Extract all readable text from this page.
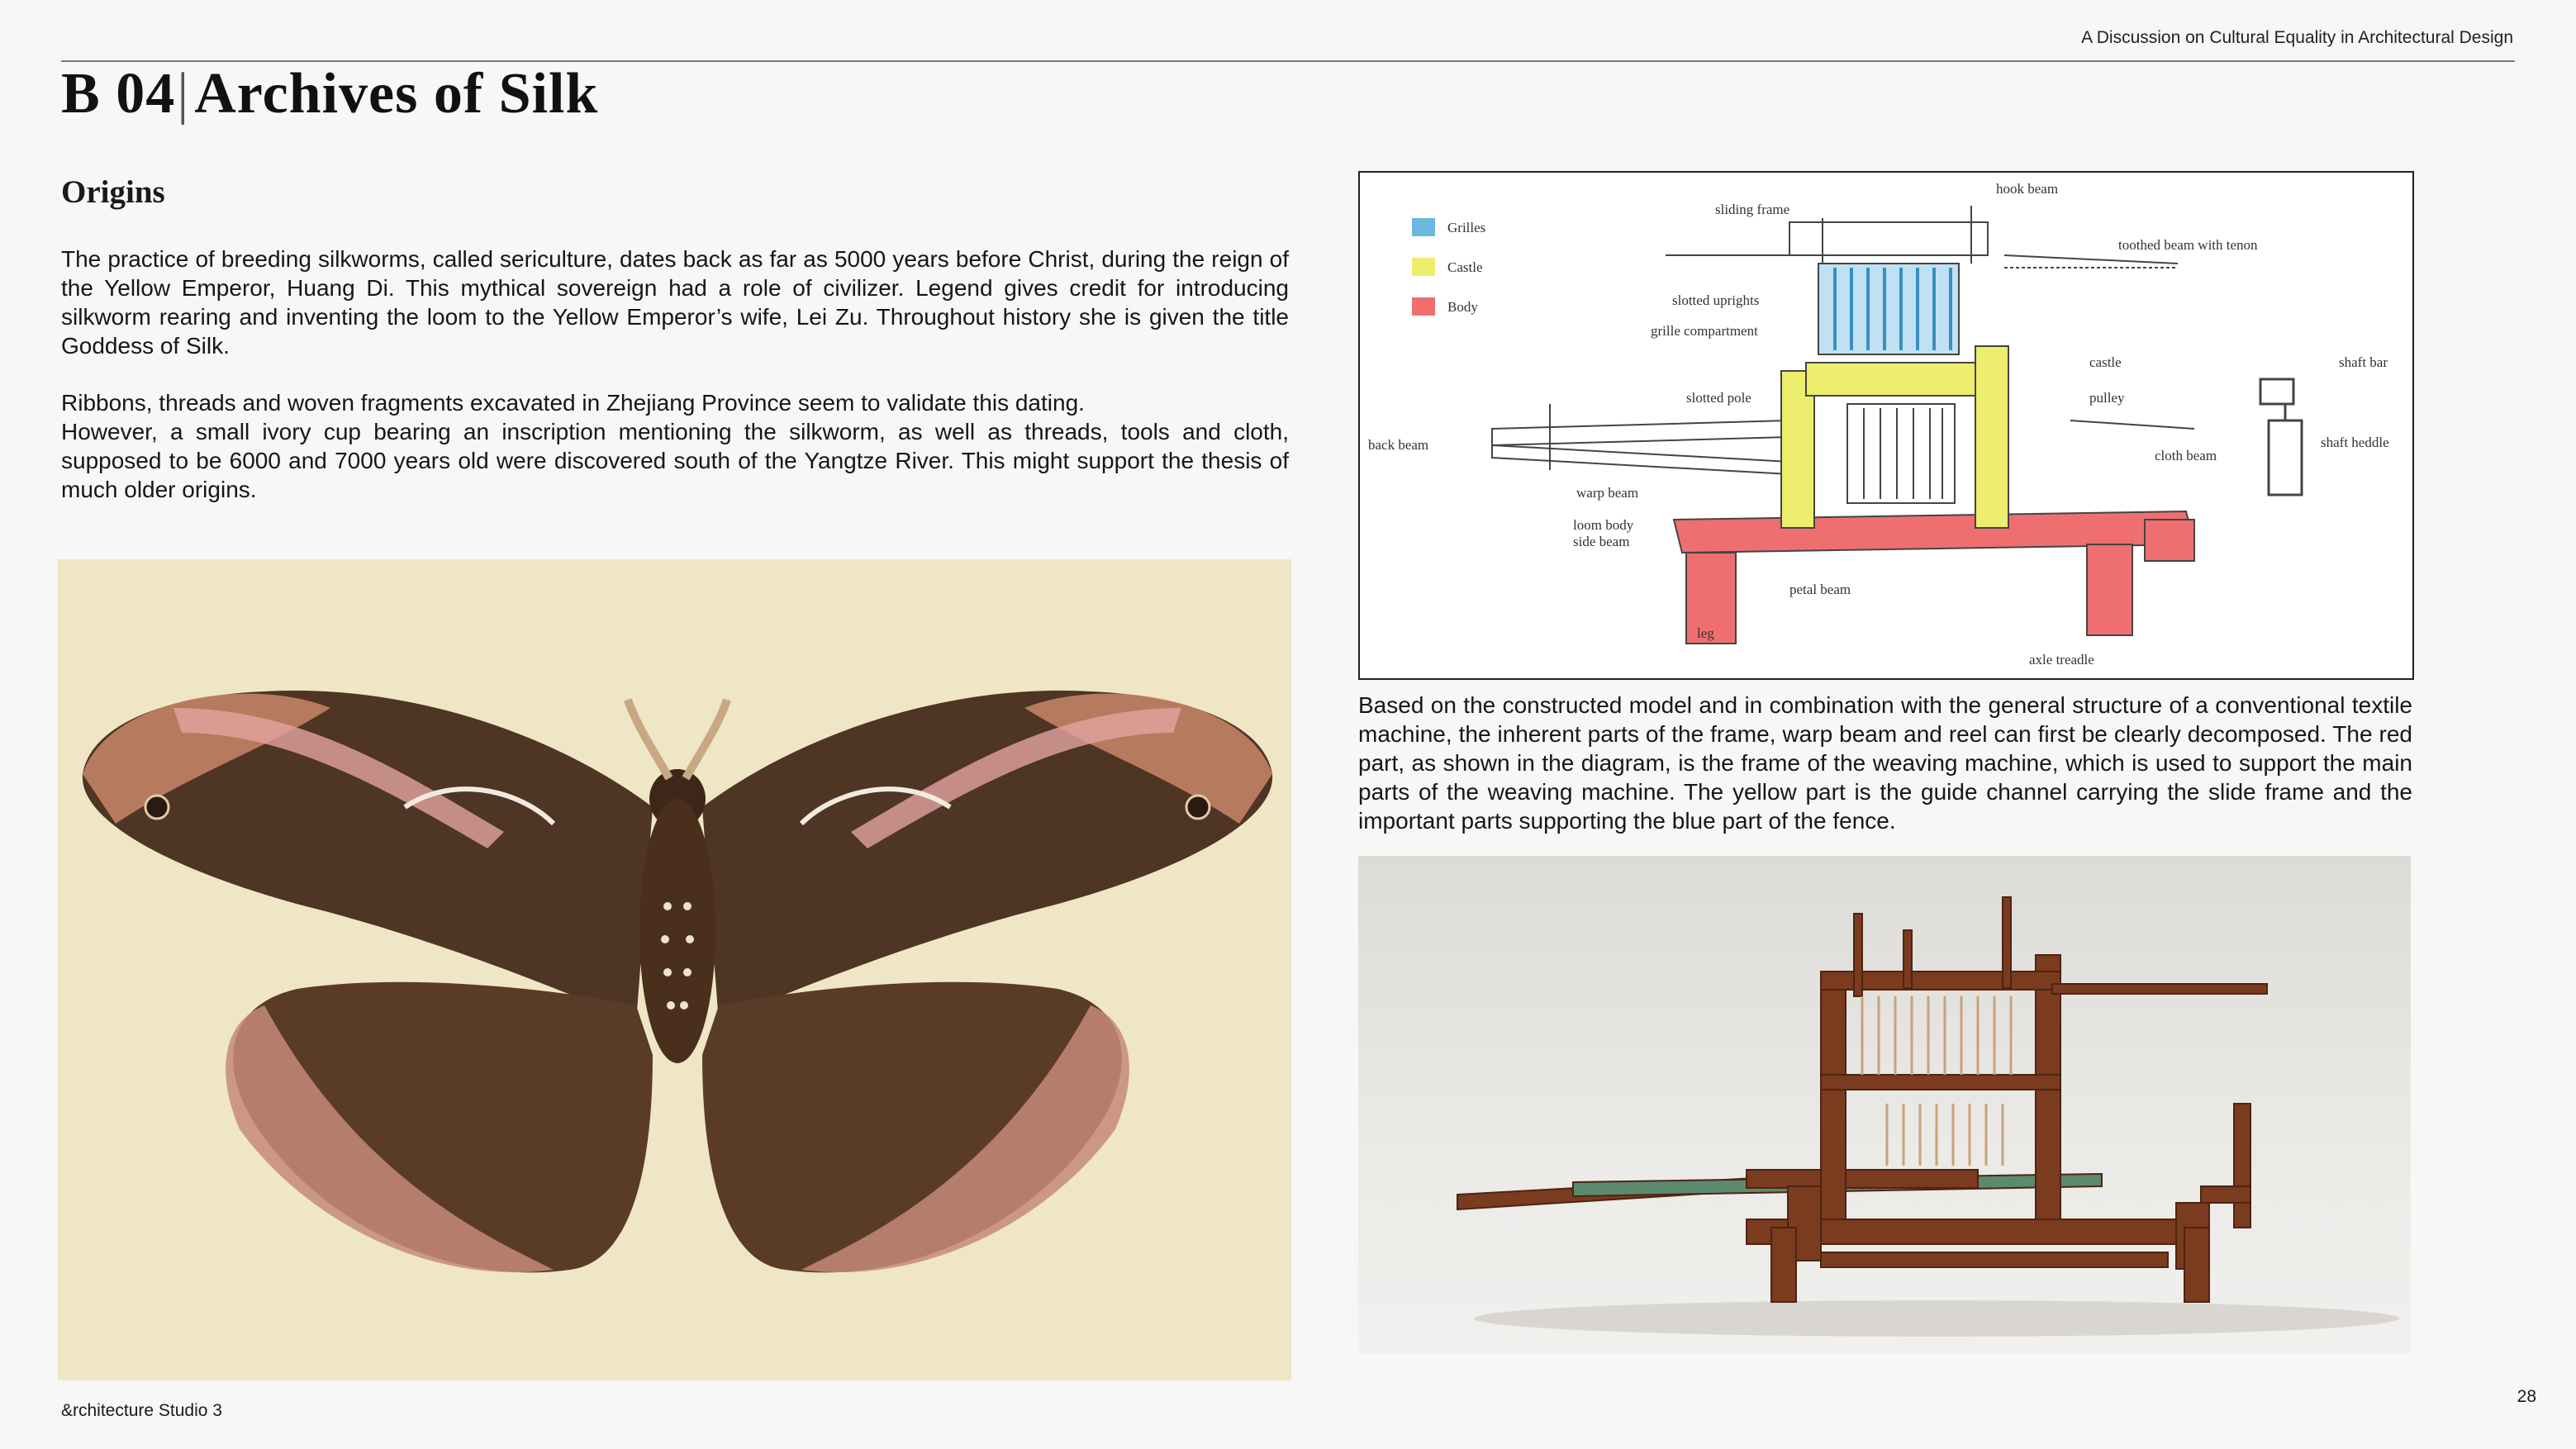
A Discussion on Cultural Equality in Architectural Design
B 04|Archives of Silk
Origins
The practice of breeding silkworms, called sericulture, dates back as far as 5000 years before Christ, during the reign of the Yellow Emperor, Huang Di. This mythical sovereign had a role of civilizer. Legend gives credit for introducing silkworm rearing and inventing the loom to the Yellow Emperor’s wife, Lei Zu. Throughout history she is given the title Goddess of Silk.
Ribbons, threads and woven fragments excavated in Zhejiang Province seem to validate this dating.
However, a small ivory cup bearing an inscription mentioning the silkworm, as well as threads, tools and cloth, supposed to be 6000 and 7000 years old were discovered south of the Yangtze River. This might support the thesis of much older origins.
Grilles
Castle
Body
hook beam
sliding frame
toothed beam with tenon
slotted uprights
grille compartment
castle	shaft bar
slotted pole	pulley
shaft heddle
back beam
cloth beam
warp beam
loom body
side beam
petal beam
leg
axle treadle
Based on the constructed model and in combination with the general structure of a conventional textile machine, the inherent parts of the frame, warp beam and reel can first be clearly decomposed. The red part, as shown in the diagram, is the frame of the weaving machine, which is used to support the main parts of the weaving machine. The yellow part is the guide channel carrying the slide frame and the important parts supporting the blue part of the fence.
&rchitecture Studio 3
28
